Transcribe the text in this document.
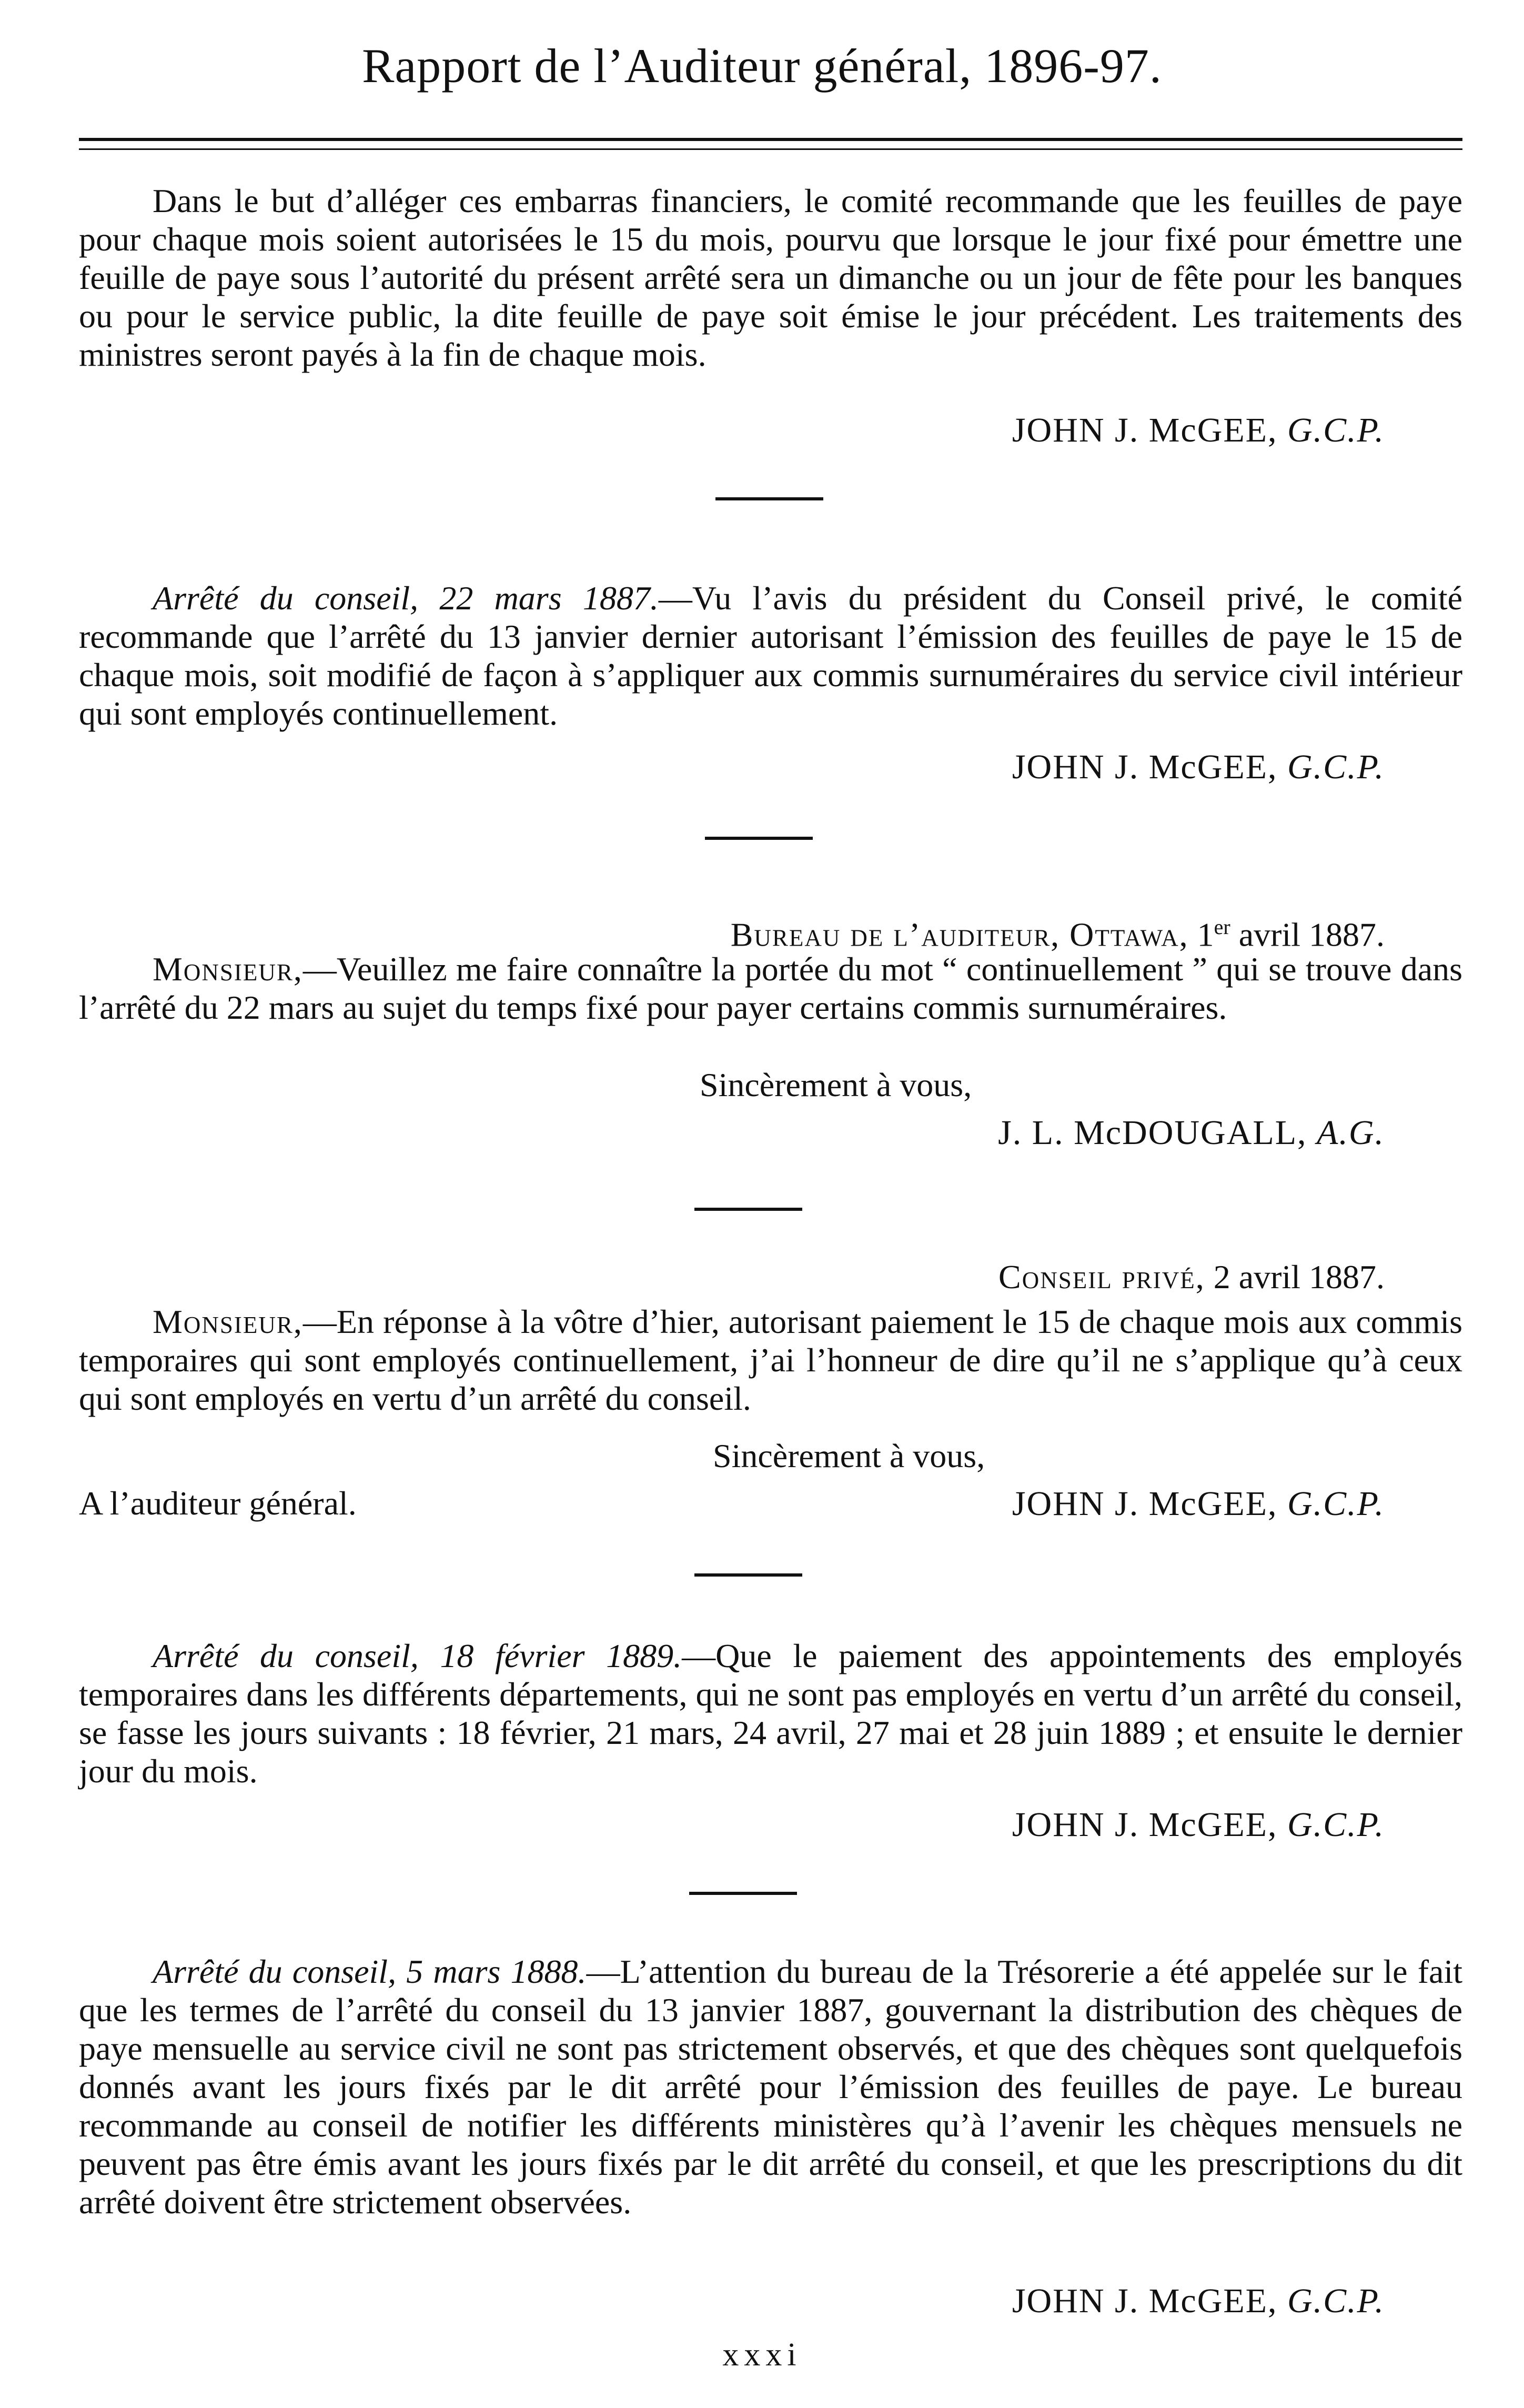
Rapport de l’Auditeur général, 1896-97.

Dans le but d’alléger ces embarras financiers, le comité recommande que les feuilles de paye pour chaque mois soient autorisées le 15 du mois, pourvu que lorsque le jour fixé pour émettre une feuille de paye sous l’autorité du présent arrêté sera un dimanche ou un jour de fête pour les banques ou pour le service public, la dite feuille de paye soit émise le jour précédent. Les traitements des ministres seront payés à la fin de chaque mois.

JOHN J. McGEE, G.C.P.

Arrêté du conseil, 22 mars 1887.—Vu l’avis du président du Conseil privé, le comité recommande que l’arrêté du 13 janvier dernier autorisant l’émission des feuilles de paye le 15 de chaque mois, soit modifié de façon à s’appliquer aux commis surnuméraires du service civil intérieur qui sont employés continuellement.

JOHN J. McGEE, G.C.P.
Bureau de l’auditeur, Ottawa, 1er avril 1887.

Monsieur,—Veuillez me faire connaître la portée du mot “ continuellement ” qui se trouve dans l’arrêté du 22 mars au sujet du temps fixé pour payer certains commis surnuméraires.

Sincèrement à vous,
J. L. McDOUGALL, A.G.
Conseil privé, 2 avril 1887.

Monsieur,—En réponse à la vôtre d’hier, autorisant paiement le 15 de chaque mois aux commis temporaires qui sont employés continuellement, j’ai l’honneur de dire qu’il ne s’applique qu’à ceux qui sont employés en vertu d’un arrêté du conseil.

Sincèrement à vous,
A l’auditeur général.	JOHN J. McGEE, G.C.P.

Arrêté du conseil, 18 février 1889.—Que le paiement des appointements des employés temporaires dans les différents départements, qui ne sont pas employés en vertu d’un arrêté du conseil, se fasse les jours suivants : 18 février, 21 mars, 24 avril, 27 mai et 28 juin 1889 ; et ensuite le dernier jour du mois.

JOHN J. McGEE, G.C.P.

Arrêté du conseil, 5 mars 1888.—L’attention du bureau de la Trésorerie a été appelée sur le fait que les termes de l’arrêté du conseil du 13 janvier 1887, gouvernant la distribution des chèques de paye mensuelle au service civil ne sont pas strictement observés, et que des chèques sont quelquefois donnés avant les jours fixés par le dit arrêté pour l’émission des feuilles de paye. Le bureau recommande au conseil de notifier les différents ministères qu’à l’avenir les chèques mensuels ne peuvent pas être émis avant les jours fixés par le dit arrêté du conseil, et que les prescriptions du dit arrêté doivent être strictement observées.

JOHN J. McGEE, G.C.P.
xxxi
